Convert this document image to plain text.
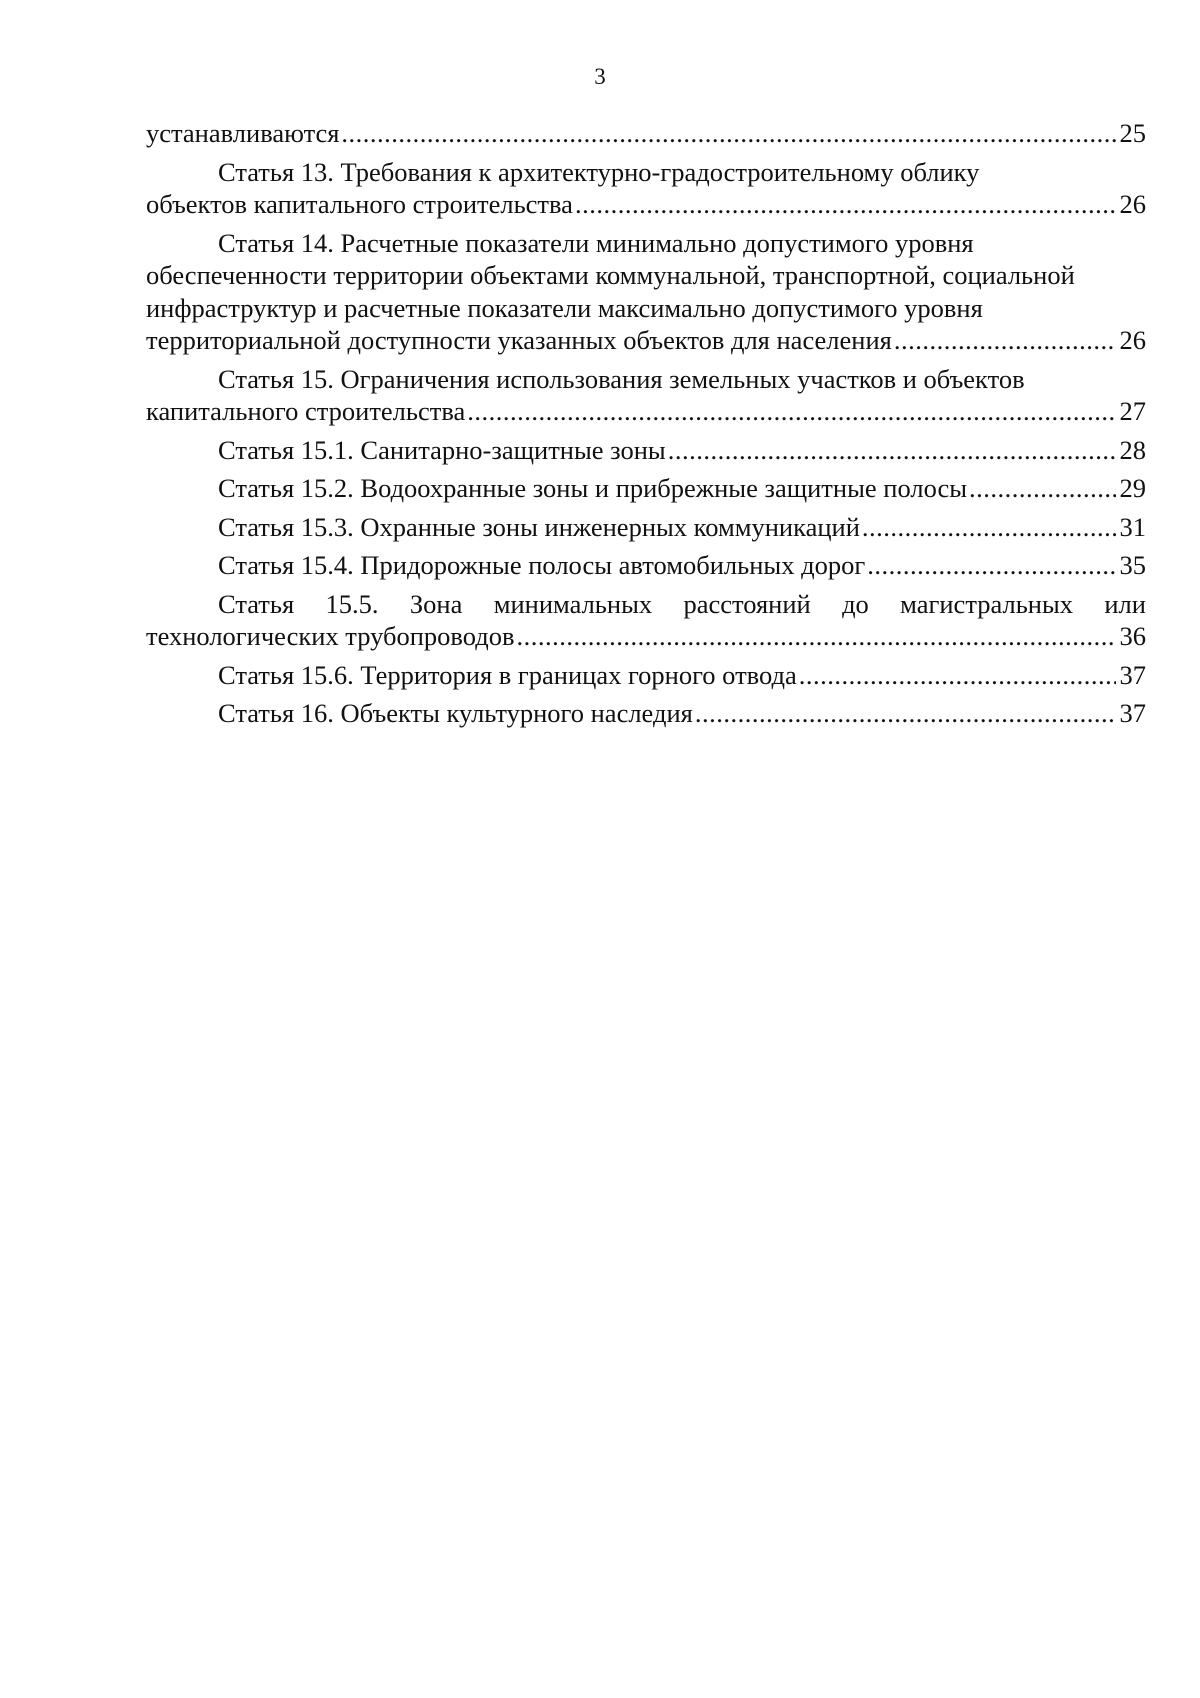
3
устанавливаются .....	25
Статья 13. Требования к архитектурно-градостроительному облику
объектов капитального строительства .....	26
Статья 14. Расчетные показатели минимально допустимого уровня
обеспеченности территории объектами коммунальной, транспортной, социальной
инфраструктур и расчетные показатели максимально допустимого уровня
территориальной доступности указанных объектов для населения .....	26
Статья 15. Ограничения использования земельных участков и объектов
капитального строительства .....	27
Статья 15.1. Санитарно-защитные зоны .....	28
Статья 15.2. Водоохранные зоны и прибрежные защитные полосы .....	29
Статья 15.3. Охранные зоны инженерных коммуникаций .....	31
Статья 15.4. Придорожные полосы автомобильных дорог .....	35
Статья 15.5. Зона минимальных расстояний до магистральных или
технологических трубопроводов .....	36
Статья 15.6. Территория в границах горного отвода .....	37
Статья 16. Объекты культурного наследия .....	37
